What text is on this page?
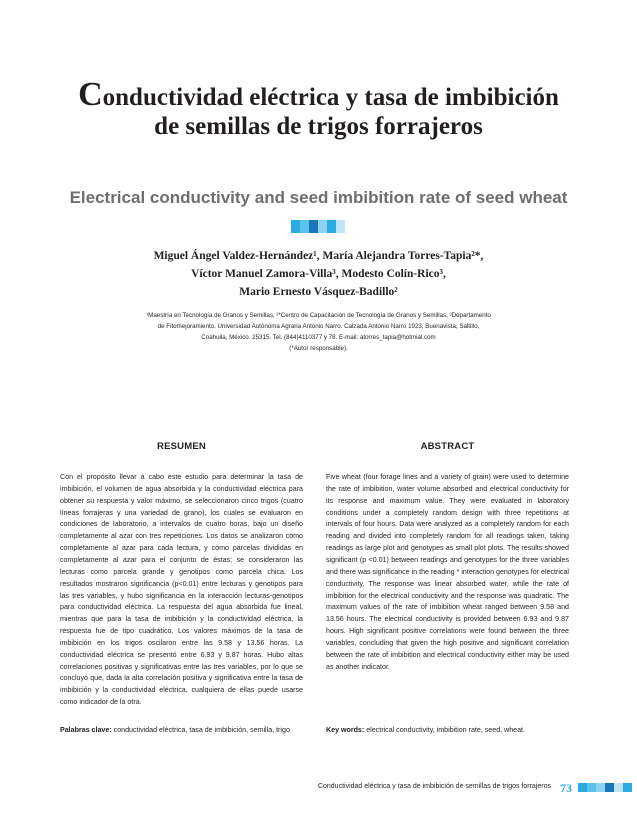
Conductividad eléctrica y tasa de imbibición
de semillas de trigos forrajeros
Electrical conductivity and seed imbibition rate of seed wheat
Miguel Ángel Valdez-Hernández¹, María Alejandra Torres-Tapia²*,
Víctor Manuel Zamora-Villa³, Modesto Colín-Rico³,
Mario Ernesto Vásquez-Badillo²
¹Maestría en Tecnología de Granos y Semillas, ²*Centro de Capacitación de Tecnología de Granos y Semillas, ³Departamento
de Fitomejoramiento. Universidad Autónoma Agraria Antonio Narro. Calzada Antonio Narro 1923, Buenavista, Saltillo,
Coahuila, México. 25315. Tel. (844)4110377 y 78. E-mail: atorres_tapia@hotmial.com
(*Autor responsable).
RESUMEN	ABSTRACT

Con el propósito llevar a cabo este estudio para determinar la tasa de imbibición, el volumen de agua absorbida y la conductividad eléctrica para obtener su respuesta y valor máximo, se seleccionaron cinco trigos (cuatro líneas forrajeras y una variedad de grano), los cuales se evaluaron en condiciones de laboratorio, a intervalos de cuatro horas, bajo un diseño completamente al azar con tres repeticiones. Los datos se analizaron como completamente al azar para cada lectura, y como parcelas divididas en completamente al azar para el conjunto de éstas; se consideraron las lecturas como parcela grande y genotipos como parcela chica. Los resultados mostraron significancia (p<0.01) entre lecturas y genotipos para las tres variables, y hubo significancia en la interacción lecturas-genotipos para conductividad eléctrica. La respuesta del agua absorbida fue lineal, mientras que para la tasa de imbibición y la conductividad eléctrica, la respuesta fue de tipo cuadrático. Los valores máximos de la tasa de imbibición en los trigos oscilaron entre las 9.58 y 13.56 horas. La conductividad eléctrica se presentó entre 6.93 y 9.87 horas. Hubo altas correlaciones positivas y significativas entre las tres variables, por lo que se concluyó que, dada la alta correlación positiva y significativa entre la tasa de imbibición y la conductividad eléctrica, cualquiera de ellas puede usarse como indicador de la otra.

Five wheat (four forage lines and a variety of grain) were used to determine the rate of imbibition, water volume absorbed and electrical conductivity for its response and maximum value. They were evaluated in laboratory conditions under a completely random design with three repetitions at intervals of four hours. Data were analyzed as a completely random for each reading and divided into completely random for all readings taken, taking readings as large plot and genotypes as small plot plots. The results showed significant (p <0.01) between readings and genotypes for the three variables and there was significance in the reading * interaction genotypes for electrical conductivity. The response was linear absorbed water, while the rate of imbibition for the electrical conductivity and the response was quadratic. The maximum values of the rate of imbibition wheat ranged between 9.58 and 13.56 hours. The electrical conductivity is provided between 6.93 and 9.87 hours. High significant positive correlations were found between the three variables, concluding that given the high positive and significant correlation between the rate of imbibition and electrical conductivity either may be used as another indicator.

Palabras clave: conductividad eléctrica, tasa de imbibición, semilla, trigo	Key words: electrical conductivity, imbibition rate, seed, wheat.

Conductividad eléctrica y tasa de imbibición de semillas de trigos forrajeros 73
